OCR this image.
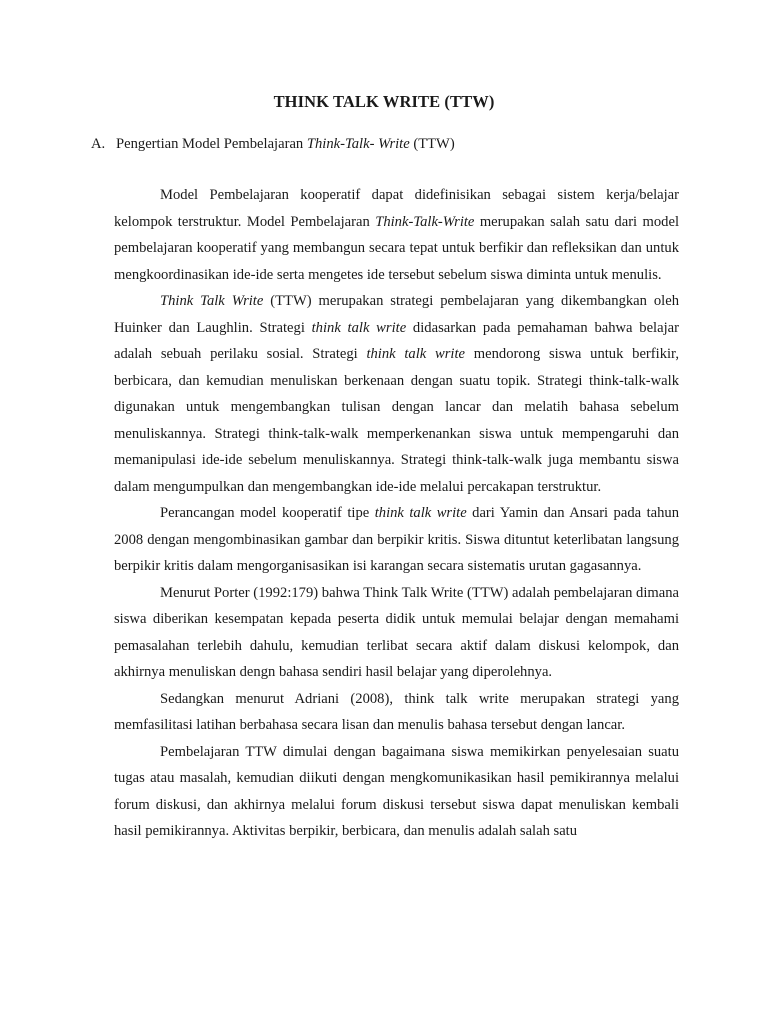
THINK TALK WRITE (TTW)
A. Pengertian Model Pembelajaran Think-Talk- Write (TTW)

Model Pembelajaran kooperatif dapat didefinisikan sebagai sistem kerja/belajar kelompok terstruktur. Model Pembelajaran Think-Talk-Write merupakan salah satu dari model pembelajaran kooperatif yang membangun secara tepat untuk berfikir dan refleksikan dan untuk mengkoordinasikan ide-ide serta mengetes ide tersebut sebelum siswa diminta untuk menulis.

Think Talk Write (TTW) merupakan strategi pembelajaran yang dikembangkan oleh Huinker dan Laughlin. Strategi think talk write didasarkan pada pemahaman bahwa belajar adalah sebuah perilaku sosial. Strategi think talk write mendorong siswa untuk berfikir, berbicara, dan kemudian menuliskan berkenaan dengan suatu topik. Strategi think-talk-walk digunakan untuk mengembangkan tulisan dengan lancar dan melatih bahasa sebelum menuliskannya. Strategi think-talk-walk memperkenankan siswa untuk mempengaruhi dan memanipulasi ide-ide sebelum menuliskannya. Strategi think-talk-walk juga membantu siswa dalam mengumpulkan dan mengembangkan ide-ide melalui percakapan terstruktur.

Perancangan model kooperatif tipe think talk write dari Yamin dan Ansari pada tahun 2008 dengan mengombinasikan gambar dan berpikir kritis. Siswa dituntut keterlibatan langsung berpikir kritis dalam mengorganisasikan isi karangan secara sistematis urutan gagasannya.

Menurut Porter (1992:179) bahwa Think Talk Write (TTW) adalah pembelajaran dimana siswa diberikan kesempatan kepada peserta didik untuk memulai belajar dengan memahami pemasalahan terlebih dahulu, kemudian terlibat secara aktif dalam diskusi kelompok, dan akhirnya menuliskan dengn bahasa sendiri hasil belajar yang diperolehnya.

Sedangkan menurut Adriani (2008), think talk write merupakan strategi yang memfasilitasi latihan berbahasa secara lisan dan menulis bahasa tersebut dengan lancar.

Pembelajaran TTW dimulai dengan bagaimana siswa memikirkan penyelesaian suatu tugas atau masalah, kemudian diikuti dengan mengkomunikasikan hasil pemikirannya melalui forum diskusi, dan akhirnya melalui forum diskusi tersebut siswa dapat menuliskan kembali hasil pemikirannya. Aktivitas berpikir, berbicara, dan menulis adalah salah satu
